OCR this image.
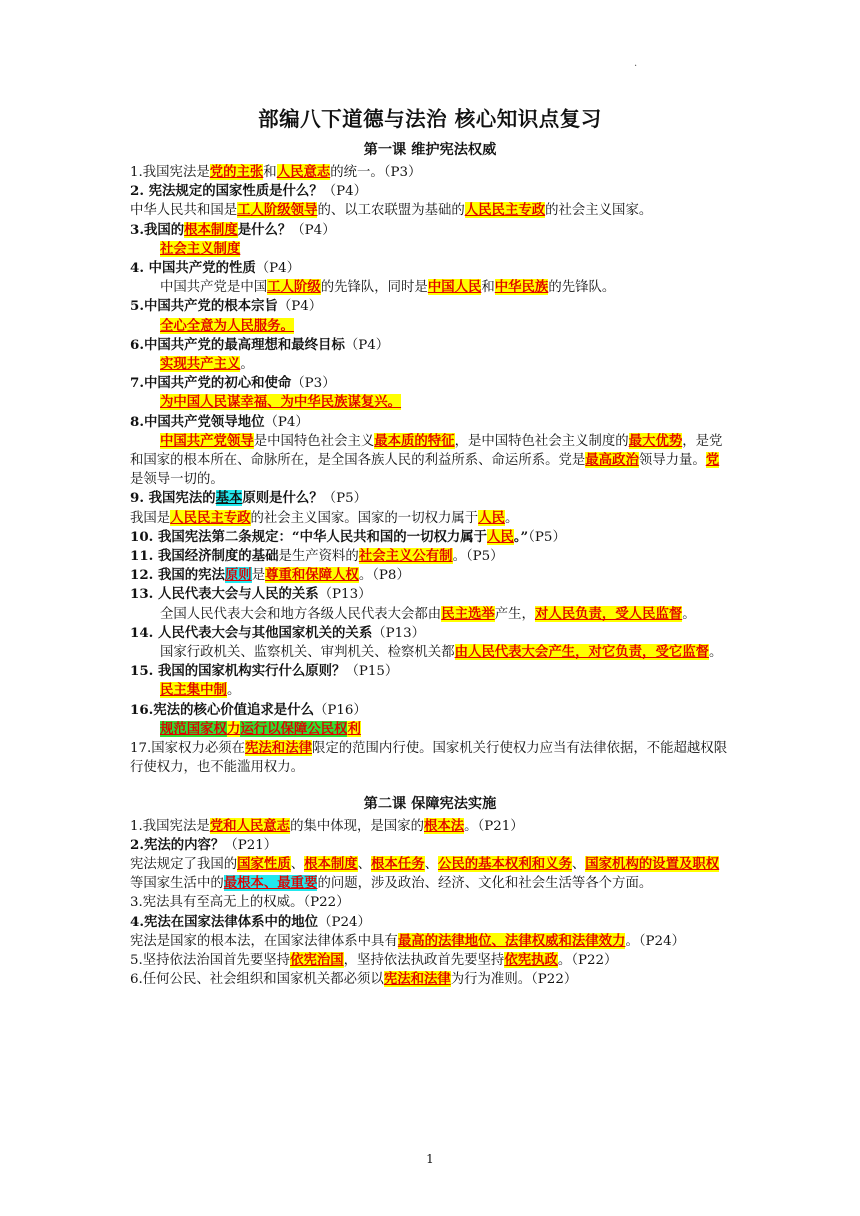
.
部编八下道德与法治 核心知识点复习
第一课 维护宪法权威

1.我国宪法是党的主张和人民意志的统一。（P3）

2. 宪法规定的国家性质是什么？（P4）

中华人民共和国是工人阶级领导的、以工农联盟为基础的人民民主专政的社会主义国家。

3.我国的根本制度是什么？（P4）

社会主义制度

4. 中国共产党的性质（P4）

中国共产党是中国工人阶级的先锋队，同时是中国人民和中华民族的先锋队。

5.中国共产党的根本宗旨（P4）

全心全意为人民服务。

6.中国共产党的最高理想和最终目标（P4）

实现共产主义。

7.中国共产党的初心和使命（P3）

为中国人民谋幸福、为中华民族谋复兴。

8.中国共产党领导地位（P4）

中国共产党领导是中国特色社会主义最本质的特征，是中国特色社会主义制度的最大优势，是党和国家的根本所在、命脉所在，是全国各族人民的利益所系、命运所系。党是最高政治领导力量。党是领导一切的。

9. 我国宪法的基本原则是什么？（P5）

我国是人民民主专政的社会主义国家。国家的一切权力属于人民。

10. 我国宪法第二条规定：“中华人民共和国的一切权力属于人民。”（P5）

11. 我国经济制度的基础是生产资料的社会主义公有制。（P5）

12. 我国的宪法原则是尊重和保障人权。（P8）

13. 人民代表大会与人民的关系（P13）

全国人民代表大会和地方各级人民代表大会都由民主选举产生，对人民负责，受人民监督。

14. 人民代表大会与其他国家机关的关系（P13）

国家行政机关、监察机关、审判机关、检察机关都由人民代表大会产生，对它负责，受它监督。

15. 我国的国家机构实行什么原则？（P15）

民主集中制。

16.宪法的核心价值追求是什么（P16）

规范国家权力运行以保障公民权利

17.国家权力必须在宪法和法律限定的范围内行使。国家机关行使权力应当有法律依据，不能超越权限行使权力，也不能滥用权力。

第二课 保障宪法实施

1.我国宪法是党和人民意志的集中体现，是国家的根本法。（P21）

2.宪法的内容？（P21）

宪法规定了我国的国家性质、根本制度、根本任务、公民的基本权利和义务、国家机构的设置及职权等国家生活中的最根本、最重要的问题，涉及政治、经济、文化和社会生活等各个方面。

3.宪法具有至高无上的权威。（P22）

4.宪法在国家法律体系中的地位（P24）

宪法是国家的根本法，在国家法律体系中具有最高的法律地位、法律权威和法律效力。（P24）

5.坚持依法治国首先要坚持依宪治国，坚持依法执政首先要坚持依宪执政。（P22）

6.任何公民、社会组织和国家机关都必须以宪法和法律为行为准则。（P22）

1
